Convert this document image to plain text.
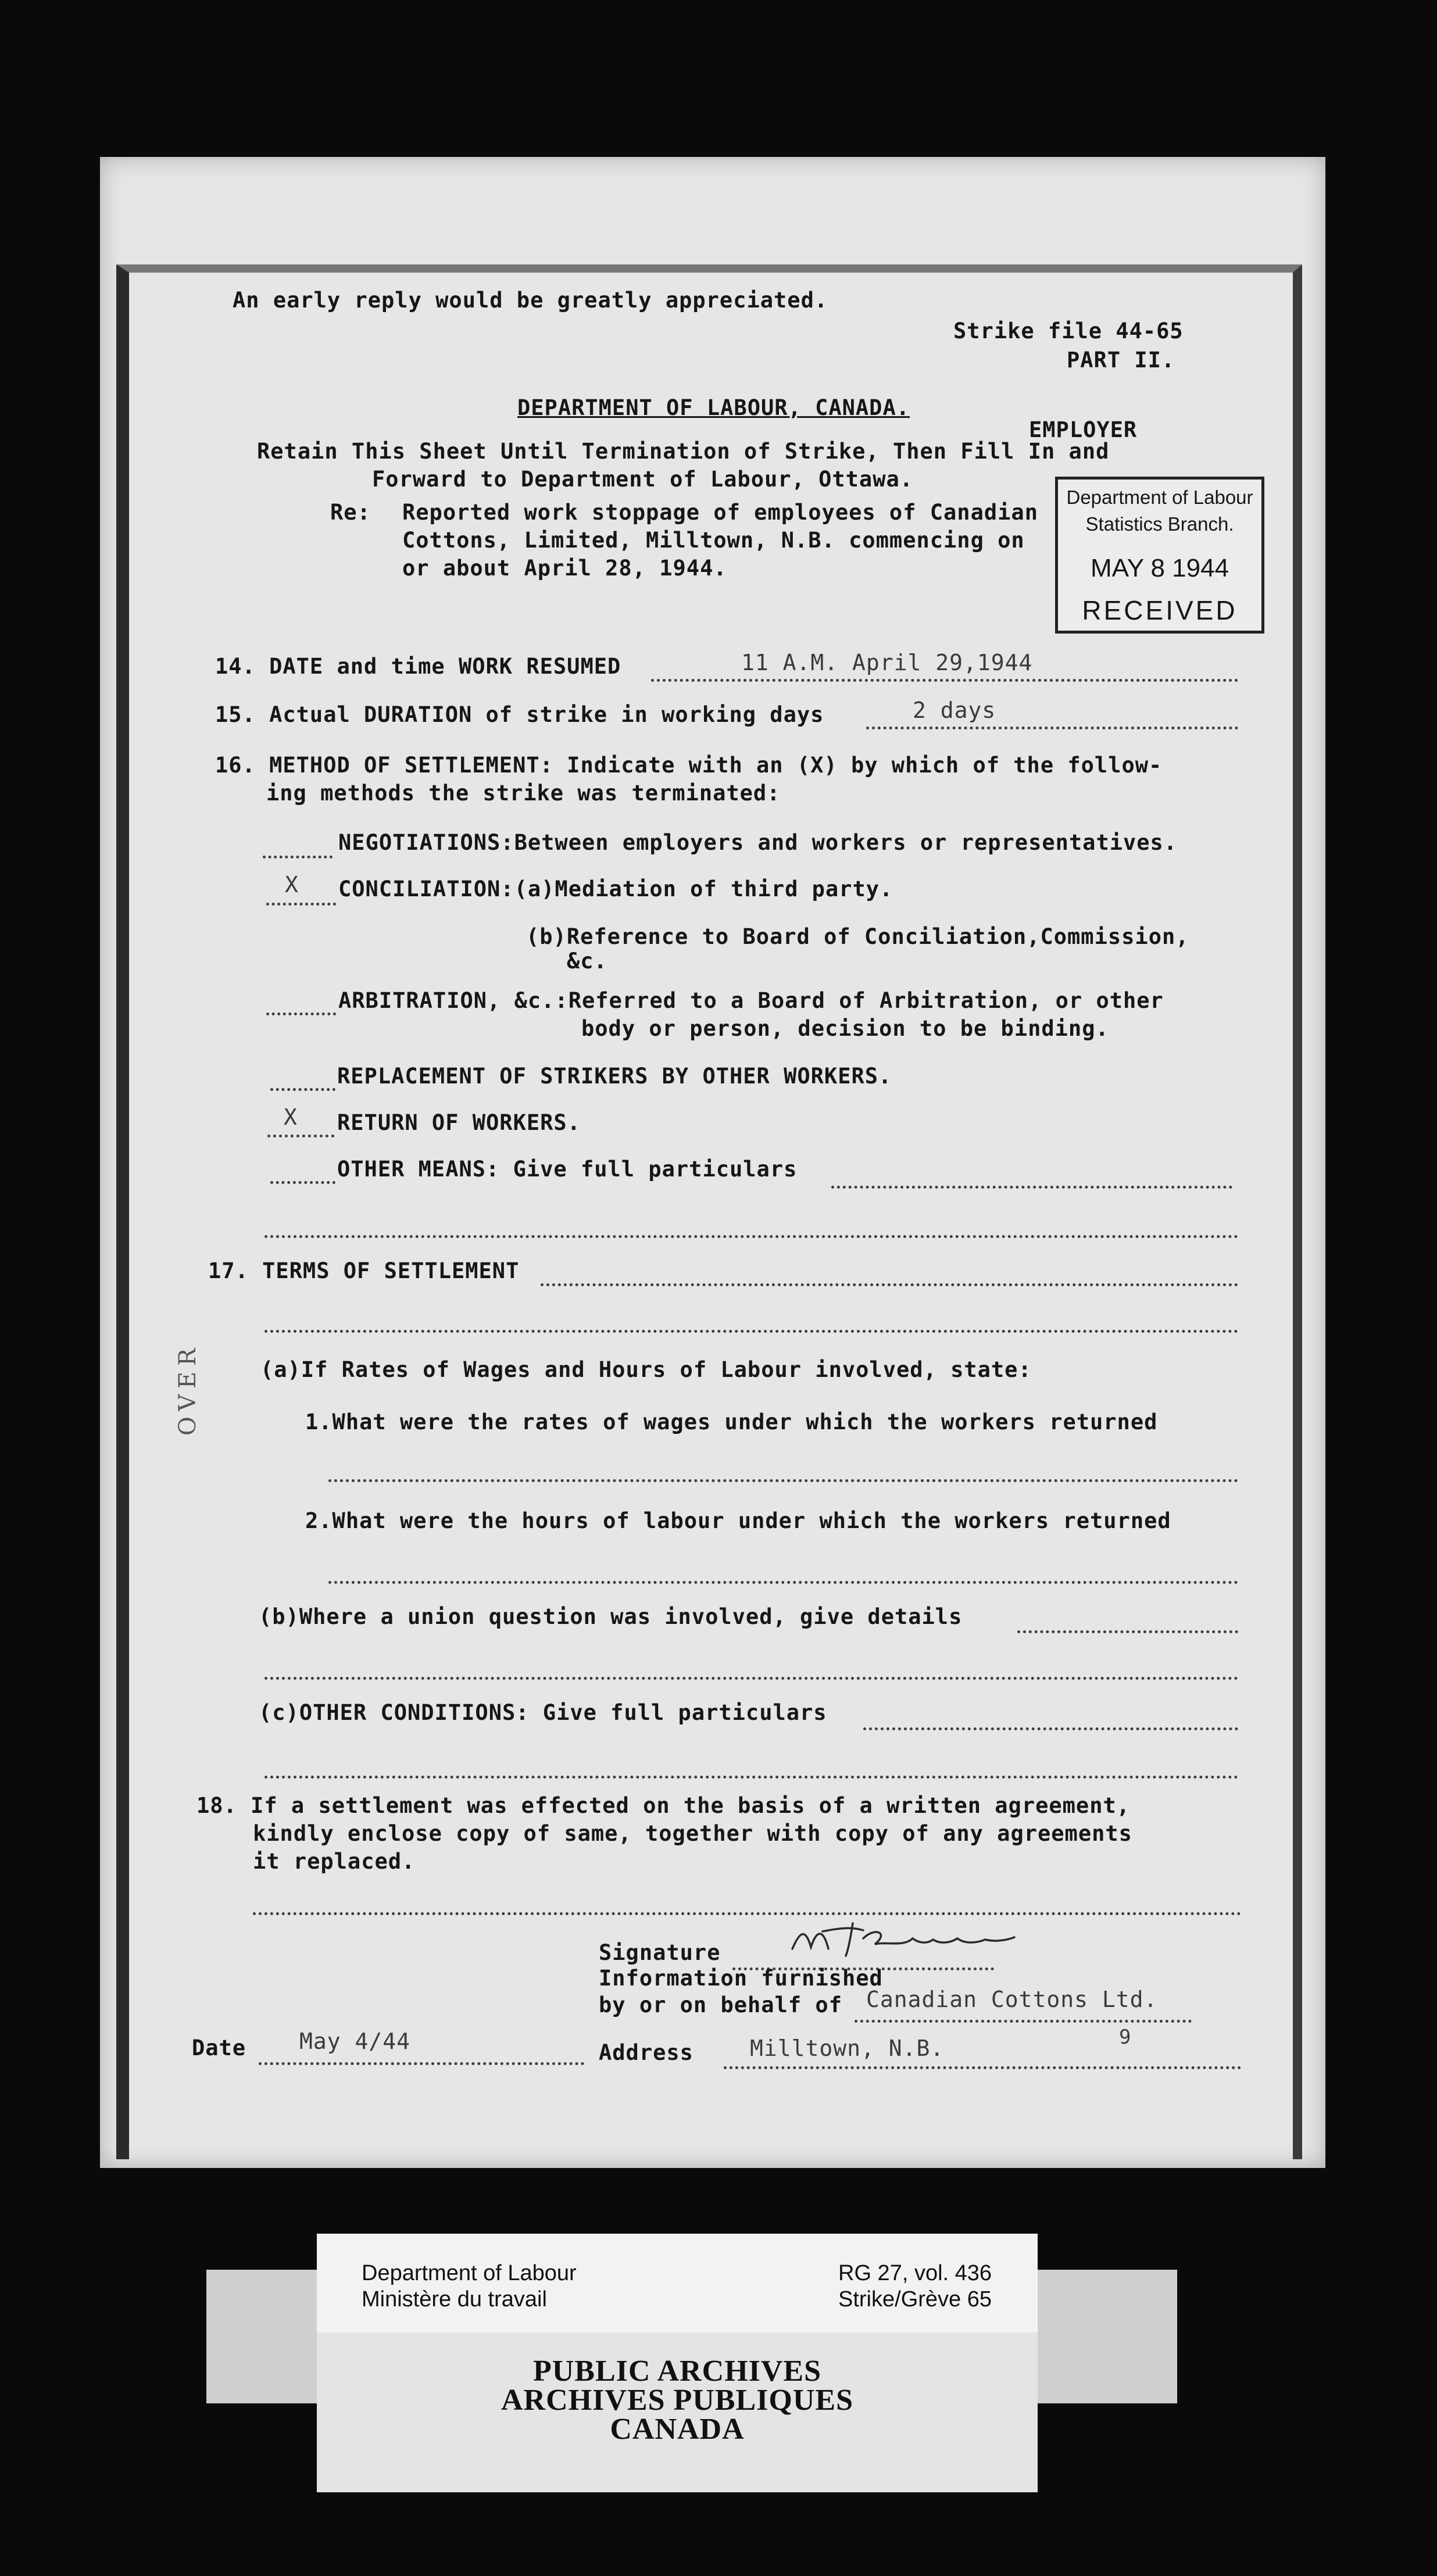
An early reply would be greatly appreciated.
Strike file 44-65
PART II.
DEPARTMENT OF LABOUR, CANADA.
EMPLOYER
Retain This Sheet Until Termination of Strike, Then Fill In and
Forward to Department of Labour, Ottawa.
Re: Reported work stoppage of employees of Canadian
Cottons, Limited, Milltown, N.B. commencing on
or about April 28, 1944.
Department of Labour
Statistics Branch.
MAY 8 1944
RECEIVED
14. DATE and time WORK RESUMED	11 A.M. April 29,1944
15. Actual DURATION of strike in working days	2 days
16. METHOD OF SETTLEMENT: Indicate with an (X) by which of the follow-
ing methods the strike was terminated:
NEGOTIATIONS:Between employers and workers or representatives.
X CONCILIATION:(a)Mediation of third party.
(b)Reference to Board of Conciliation,Commission,
&c.
ARBITRATION, &c.:Referred to a Board of Arbitration, or other
body or person, decision to be binding.
REPLACEMENT OF STRIKERS BY OTHER WORKERS.
X RETURN OF WORKERS.
OTHER MEANS: Give full particulars
17. TERMS OF SETTLEMENT
(a)If Rates of Wages and Hours of Labour involved, state:
1.What were the rates of wages under which the workers returned
2.What were the hours of labour under which the workers returned
OVER
(b)Where a union question was involved, give details
(c)OTHER CONDITIONS: Give full particulars
18. If a settlement was effected on the basis of a written agreement,
kindly enclose copy of same, together with copy of any agreements
it replaced.
Signature
Information furnished
by or on behalf of Canadian Cottons Ltd.
Date May 4/44	Address	Milltown, N.B.	9
Department of Labour
Ministère du travail
RG 27, vol. 436
Strike/Grève 65
PUBLIC ARCHIVES
ARCHIVES PUBLIQUES
CANADA
